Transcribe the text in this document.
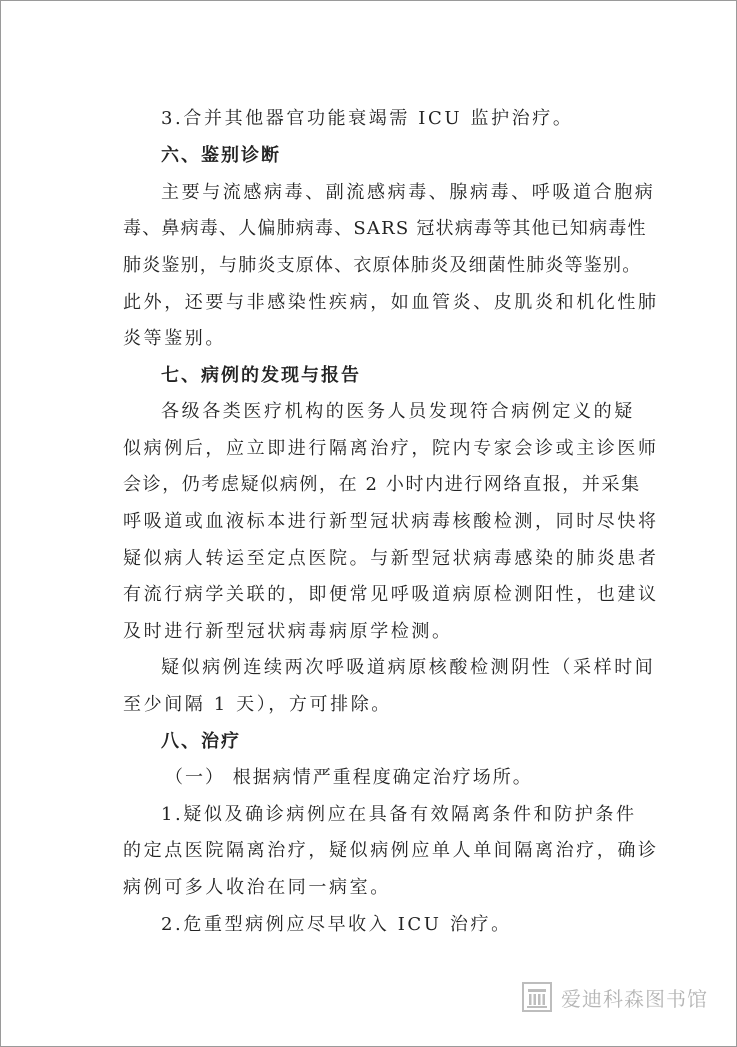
3.合并其他器官功能衰竭需 ICU 监护治疗。
六、鉴别诊断
主要与流感病毒、副流感病毒、腺病毒、呼吸道合胞病
毒、鼻病毒、人偏肺病毒、SARS 冠状病毒等其他已知病毒性
肺炎鉴别，与肺炎支原体、衣原体肺炎及细菌性肺炎等鉴别。
此外，还要与非感染性疾病，如血管炎、皮肌炎和机化性肺
炎等鉴别。
七、病例的发现与报告
各级各类医疗机构的医务人员发现符合病例定义的疑
似病例后，应立即进行隔离治疗，院内专家会诊或主诊医师
会诊，仍考虑疑似病例，在 2 小时内进行网络直报，并采集
呼吸道或血液标本进行新型冠状病毒核酸检测，同时尽快将
疑似病人转运至定点医院。与新型冠状病毒感染的肺炎患者
有流行病学关联的，即便常见呼吸道病原检测阳性，也建议
及时进行新型冠状病毒病原学检测。
疑似病例连续两次呼吸道病原核酸检测阴性（采样时间
至少间隔 1 天），方可排除。
八、治疗
（一） 根据病情严重程度确定治疗场所。
1.疑似及确诊病例应在具备有效隔离条件和防护条件
的定点医院隔离治疗，疑似病例应单人单间隔离治疗，确诊
病例可多人收治在同一病室。
2.危重型病例应尽早收入 ICU 治疗。
爱迪科森图书馆
